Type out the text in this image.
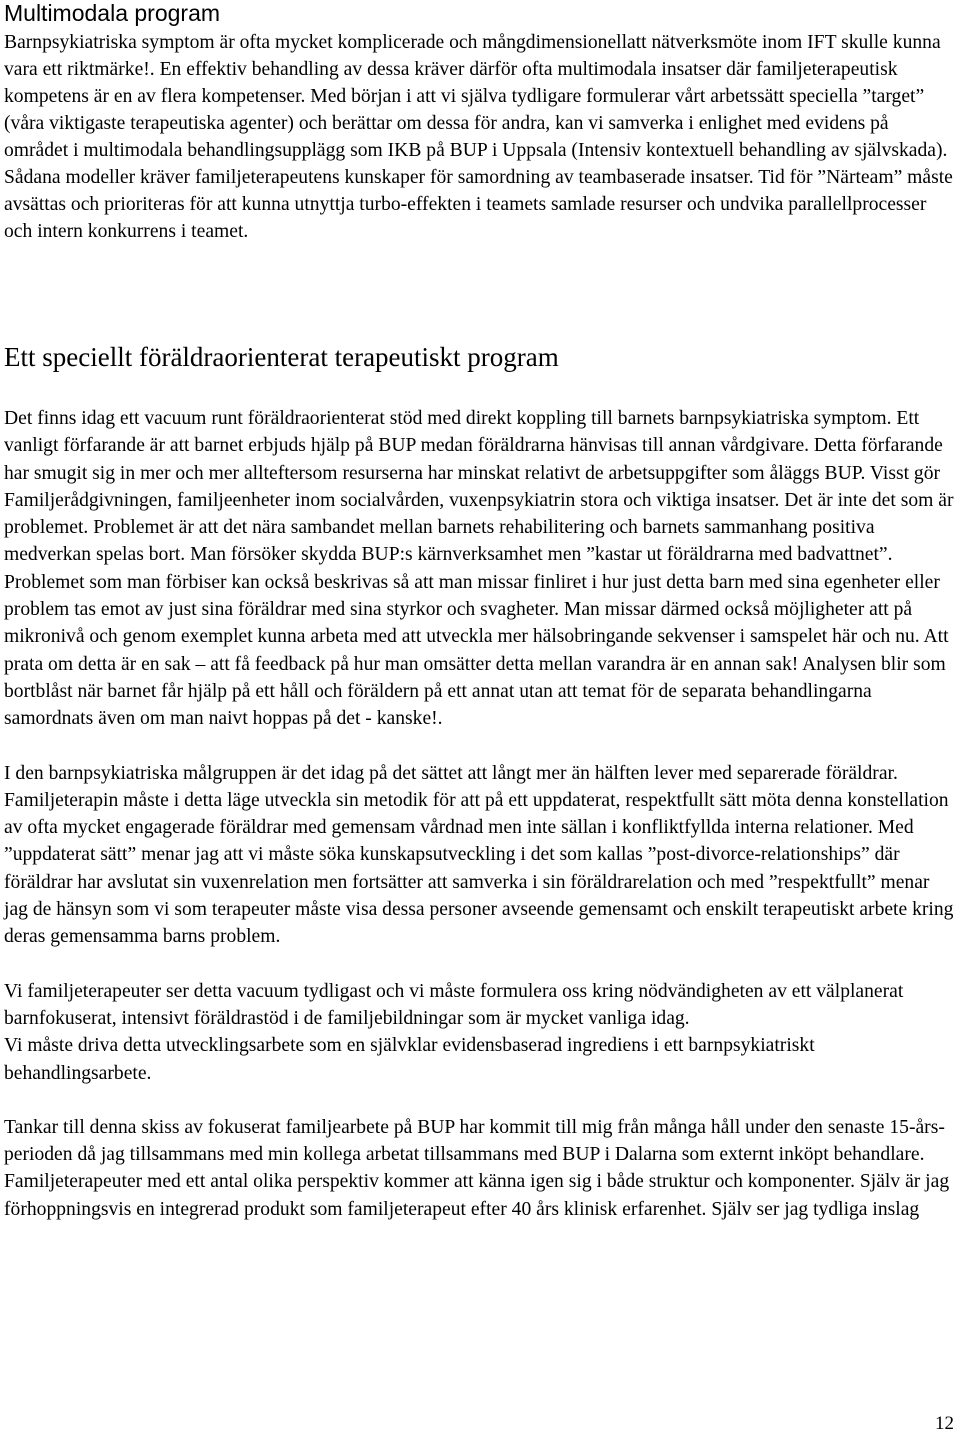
Multimodala program

Barnpsykiatriska symptom är ofta mycket komplicerade och mångdimensionellatt nätverksmöte inom IFT skulle kunna vara ett riktmärke!. En effektiv behandling av dessa kräver därför ofta multimodala insatser där familjeterapeutisk kompetens är en av flera kompetenser. Med början i att vi själva tydligare formulerar vårt arbetssätt speciella ”target” (våra viktigaste terapeutiska agenter) och berättar om dessa för andra, kan vi samverka i enlighet med evidens på området i multimodala behandlingsupplägg som IKB på BUP i Uppsala (Intensiv kontextuell behandling av självskada). Sådana modeller kräver familjeterapeutens kunskaper för samordning av teambaserade insatser. Tid för ”Närteam” måste avsättas och prioriteras för att kunna utnyttja turbo-effekten i teamets samlade resurser och undvika parallellprocesser och intern konkurrens i teamet.

Ett speciellt föräldraorienterat terapeutiskt program

Det finns idag ett vacuum runt föräldraorienterat stöd med direkt koppling till barnets barnpsykiatriska symptom. Ett vanligt förfarande är att barnet erbjuds hjälp på BUP medan föräldrarna hänvisas till annan vårdgivare. Detta förfarande har smugit sig in mer och mer allteftersom resurserna har minskat relativt de arbetsuppgifter som åläggs BUP. Visst gör Familjerådgivningen, familjeenheter inom socialvården, vuxenpsykiatrin stora och viktiga insatser. Det är inte det som är problemet. Problemet är att det nära sambandet mellan barnets rehabilitering och barnets sammanhang positiva medverkan spelas bort. Man försöker skydda BUP:s kärnverksamhet men ”kastar ut föräldrarna med badvattnet”. Problemet som man förbiser kan också beskrivas så att man missar finliret i hur just detta barn med sina egenheter eller problem tas emot av just sina föräldrar med sina styrkor och svagheter. Man missar därmed också möjligheter att på mikronivå och genom exemplet kunna arbeta med att utveckla mer hälsobringande sekvenser i samspelet här och nu. Att prata om detta är en sak – att få feedback på hur man omsätter detta mellan varandra är en annan sak! Analysen blir som bortblåst när barnet får hjälp på ett håll och föräldern på ett annat utan att temat för de separata behandlingarna samordnats även om man naivt hoppas på det - kanske!.

I den barnpsykiatriska målgruppen är det idag på det sättet att långt mer än hälften lever med separerade föräldrar. Familjeterapin måste i detta läge utveckla sin metodik för att på ett uppdaterat, respektfullt sätt möta denna konstellation av ofta mycket engagerade föräldrar med gemensam vårdnad men inte sällan i konfliktfyllda interna relationer. Med ”uppdaterat sätt” menar jag att vi måste söka kunskapsutveckling i det som kallas ”post-divorce-relationships” där föräldrar har avslutat sin vuxenrelation men fortsätter att samverka i sin föräldrarelation och med ”respektfullt” menar jag de hänsyn som vi som terapeuter måste visa dessa personer avseende gemensamt och enskilt terapeutiskt arbete kring deras gemensamma barns problem.

Vi familjeterapeuter ser detta vacuum tydligast och vi måste formulera oss kring nödvändigheten av ett välplanerat barnfokuserat, intensivt föräldrastöd i de familjebildningar som är mycket vanliga idag.

Vi måste driva detta utvecklingsarbete som en självklar evidensbaserad ingrediens i ett barnpsykiatriskt behandlingsarbete.

Tankar till denna skiss av fokuserat familjearbete på BUP har kommit till mig från många håll under den senaste 15-års-perioden då jag tillsammans med min kollega arbetat tillsammans med BUP i Dalarna som externt inköpt behandlare. Familjeterapeuter med ett antal olika perspektiv kommer att känna igen sig i både struktur och komponenter. Själv är jag förhoppningsvis en integrerad produkt som familjeterapeut efter 40 års klinisk erfarenhet. Själv ser jag tydliga inslag

12
